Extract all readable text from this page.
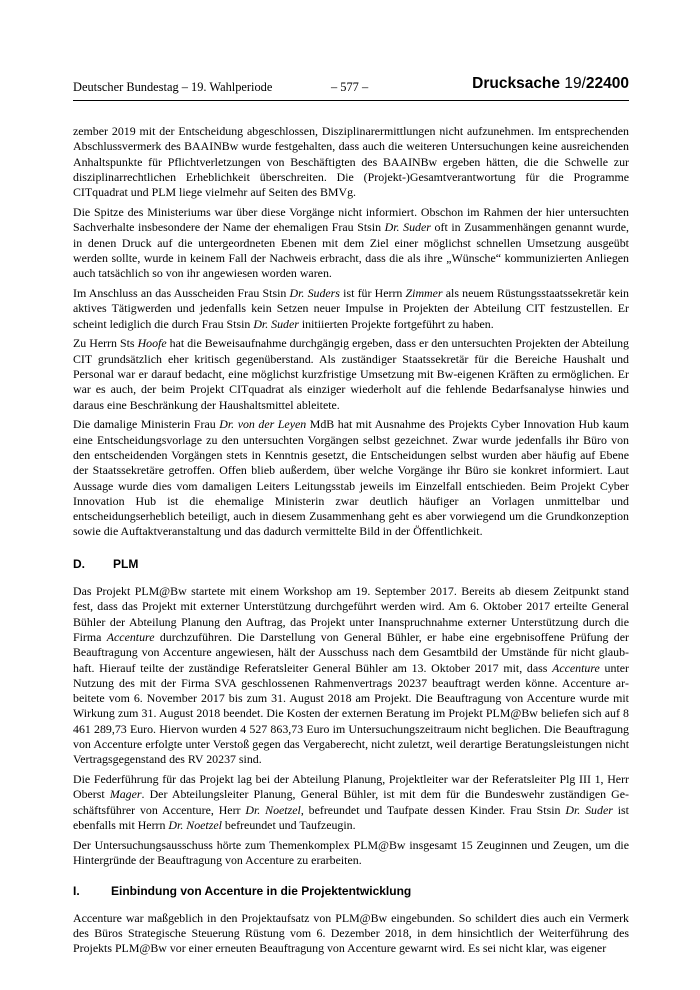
Deutscher Bundestag – 19. Wahlperiode	– 577 –	Drucksache 19/22400

zember 2019 mit der Entscheidung abgeschlossen, Disziplinarermittlungen nicht aufzunehmen. Im entsprechenden Abschlussvermerk des BAAINBw wurde festgehalten, dass auch die weiteren Untersuchungen keine ausreichenden Anhaltspunkte für Pflichtverletzungen von Beschäftigten des BAAINBw ergeben hätten, die die Schwelle zur disziplinarrechtlichen Erheblichkeit überschreiten. Die (Projekt-)Gesamtverantwortung für die Programme CITquadrat und PLM liege vielmehr auf Seiten des BMVg.

Die Spitze des Ministeriums war über diese Vorgänge nicht informiert. Obschon im Rahmen der hier untersuchten Sachverhalte insbesondere der Name der ehemaligen Frau Stsin Dr. Suder oft in Zusammenhängen genannt wurde, in denen Druck auf die untergeordneten Ebenen mit dem Ziel einer möglichst schnellen Umsetzung ausgeübt werden sollte, wurde in keinem Fall der Nachweis erbracht, dass die als ihre „Wünsche“ kommunizierten Anliegen auch tatsächlich so von ihr angewiesen worden waren.

Im Anschluss an das Ausscheiden Frau Stsin Dr. Suders ist für Herrn Zimmer als neuem Rüstungsstaatssekretär kein aktives Tätigwerden und jedenfalls kein Setzen neuer Impulse in Projekten der Abteilung CIT festzustellen. Er scheint lediglich die durch Frau Stsin Dr. Suder initiierten Projekte fortgeführt zu haben.

Zu Herrn Sts Hoofe hat die Beweisaufnahme durchgängig ergeben, dass er den untersuchten Projekten der Abteilung CIT grundsätzlich eher kritisch gegenüberstand. Als zuständiger Staatssekretär für die Bereiche Haushalt und Personal war er darauf bedacht, eine möglichst kurzfristige Umsetzung mit Bw-eigenen Kräften zu ermöglichen. Er war es auch, der beim Projekt CITquadrat als einziger wiederholt auf die fehlende Bedarfsanalyse hinwies und daraus eine Beschränkung der Haushaltsmittel ableitete.

Die damalige Ministerin Frau Dr. von der Leyen MdB hat mit Ausnahme des Projekts Cyber Innovation Hub kaum eine Entscheidungsvorlage zu den untersuchten Vorgängen selbst gezeichnet. Zwar wurde jedenfalls ihr Büro von den entscheidenden Vorgängen stets in Kenntnis gesetzt, die Entscheidungen selbst wurden aber häufig auf Ebene der Staatssekretäre getroffen. Offen blieb außerdem, über welche Vorgänge ihr Büro sie konkret informiert. Laut Aussage wurde dies vom damaligen Leiters Leitungsstab jeweils im Einzelfall entschieden. Beim Projekt Cyber Innovation Hub ist die ehemalige Ministerin zwar deutlich häufiger an Vorlagen unmittelbar und entscheidungserheblich beteiligt, auch in diesem Zusammenhang geht es aber vorwiegend um die Grundkonzeption sowie die Auftaktveranstaltung und das dadurch vermittelte Bild in der Öffentlichkeit.

D.	PLM

Das Projekt PLM@Bw startete mit einem Workshop am 19. September 2017. Bereits ab diesem Zeitpunkt stand fest, dass das Projekt mit externer Unterstützung durchgeführt werden wird. Am 6. Oktober 2017 erteilte General Bühler der Abteilung Planung den Auftrag, das Projekt unter Inanspruchnahme externer Unterstützung durch die Firma Accenture durchzuführen. Die Darstellung von General Bühler, er habe eine ergebnisoffene Prüfung der Beauftragung von Accenture angewiesen, hält der Ausschuss nach dem Gesamtbild der Umstände für nicht glaubhaft. Hierauf teilte der zuständige Referatsleiter General Bühler am 13. Oktober 2017 mit, dass Accenture unter Nutzung des mit der Firma SVA geschlossenen Rahmenvertrags 20237 beauftragt werden könne. Accenture arbeitete vom 6. November 2017 bis zum 31. August 2018 am Projekt. Die Beauftragung von Accenture wurde mit Wirkung zum 31. August 2018 beendet. Die Kosten der externen Beratung im Projekt PLM@Bw beliefen sich auf 8 461 289,73 Euro. Hiervon wurden 4 527 863,73 Euro im Untersuchungszeitraum nicht beglichen. Die Beauftragung von Accenture erfolgte unter Verstoß gegen das Vergaberecht, nicht zuletzt, weil derartige Beratungsleistungen nicht Vertragsgegenstand des RV 20237 sind.

Die Federführung für das Projekt lag bei der Abteilung Planung, Projektleiter war der Referatsleiter Plg III 1, Herr Oberst Mager. Der Abteilungsleiter Planung, General Bühler, ist mit dem für die Bundeswehr zuständigen Geschäftsführer von Accenture, Herr Dr. Noetzel, befreundet und Taufpate dessen Kinder. Frau Stsin Dr. Suder ist ebenfalls mit Herrn Dr. Noetzel befreundet und Taufzeugin.

Der Untersuchungsausschuss hörte zum Themenkomplex PLM@Bw insgesamt 15 Zeuginnen und Zeugen, um die Hintergründe der Beauftragung von Accenture zu erarbeiten.

I.	Einbindung von Accenture in die Projektentwicklung

Accenture war maßgeblich in den Projektaufsatz von PLM@Bw eingebunden. So schildert dies auch ein Vermerk des Büros Strategische Steuerung Rüstung vom 6. Dezember 2018, in dem hinsichtlich der Weiterführung des Projekts PLM@Bw vor einer erneuten Beauftragung von Accenture gewarnt wird. Es sei nicht klar, was eigener
